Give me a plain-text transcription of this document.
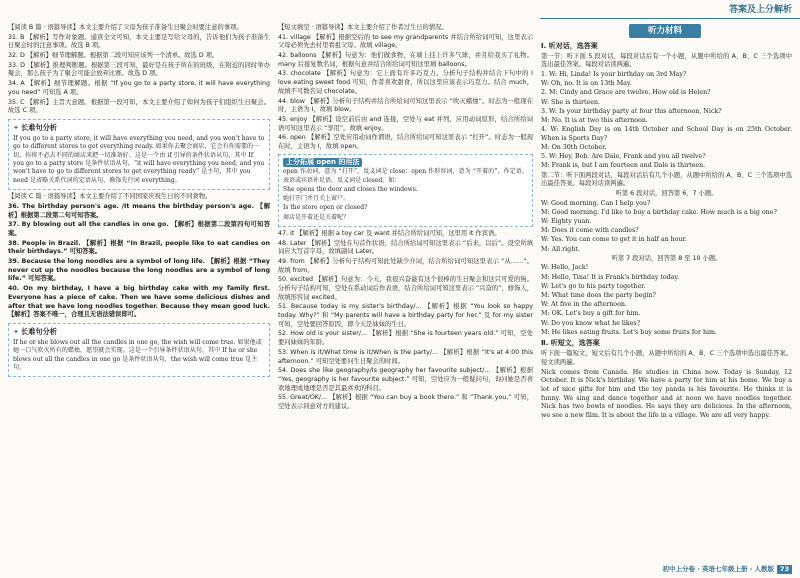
答案及上分解析

【阅读 B 篇 · 语篇导读】本文主要介绍了父母为孩子准备生日聚会时要注意的事项。

31. B 【解析】写作对象题。通读全文可知，本文主要是写给父母的，告诉他们为孩子准备生日聚会时的注意事项。故选 B 项。

32. D 【解析】细节理解题。根据第二段可知应该列一个清单。故选 D 项。

33. D 【解析】推理判断题。根据第三段可知，最好是在孩子所在的班级，在附近的同时举办聚会，那么孩子为了聚会可能会放弃比赛。故选 D 项。

34. A 【解析】细节理解题。根据 “If you go to a party store, it will have everything you need” 可知选 A 项。

35. C 【解析】主旨大意题。根据第一段可知，本文主要介绍了如何为孩子们组织生日聚会。故选 C 项。

✦ 长难句分析

If you go to a party store, it will have everything you need, and you won't have to go to different stores to get everything ready. 如果你去聚会商店，它会有你需要的一切，你将不必去不同的商店来把一切准备好。这是一个由 if 引导的条件状语从句，其中 If you go to a party store 是条件状语从句，“it will have everything you need, and you won't have to go to different stores to get everything ready” 是主句，其中 you need 是省略关系代词的定语从句，修饰先行词 everything。

【阅读 C 篇 · 语篇导读】本文主要介绍了不同国家庆祝生日的不同食物。

36. The birthday person's age. /It means the birthday person's age. 【解析】根据第二段第二句可知答案。

37. By blowing out all the candles in one go. 【解析】根据第二段第四句可知答案。

38. People in Brazil. 【解析】根据 “In Brazil, people like to eat candies on their birthdays.” 可知答案。

39. Because the long noodles are a symbol of long life. 【解析】根据 “They never cut up the noodles because the long noodles are a symbol of long life.” 可知答案。

40. On my birthday, I have a big birthday cake with my family first. Everyone has a piece of cake. Then we have some delicious dishes and after that we have long noodles together. Because they mean good luck. 【解析】答案不唯一，合理且无语法错误即可。

✦ 长难句分析

If he or she blows out all the candles in one go, the wish will come true. 如果他或她一口气吹灭所有的蜡烛，愿望就会实现。这是一个引导条件状语从句，其中 If he or she blows out all the candles in one go 是条件状语从句，the wish will come true 是主句。

【短文填空 · 语篇导读】本文主要介绍了作者过生日的情况。

41. village 【解析】根据空后的 to see my grandparents 并结合所给词可知，这里表示父母必须先去村里看祖父母。故填 village。

42. balloons 【解析】句意为：他们做食物，在墙上挂上许多气球，并且给我买了礼物。many 后接复数名词，根据句意并结合所给词可知这里填 balloons。

43. chocolate 【解析】句意为：它上面有许多巧克力。分析句子结构并结合下句中的 I love eating sweet food 可知，作者喜欢甜食，所以这里应该表示巧克力。结合 much，故填不可数名词 chocolate。

44. blow 【解析】分析句子结构并结合所给词可知这里表示 “吹灭蜡烛”。时态为一般现在时，主语为 I，故填 blow。

45. enjoy 【解析】设空前后由 and 连接，空处与 eat 并列，应用动词原形，结合所给词语可知这里表示 “享用”。故填 enjoy。

46. open 【解析】空处应用动词作谓语，结合所给词可知这里表示 “打开”。时态为一般现在时，主语为 I，故填 open。

上分拓展 open 的用法

open 作动词，意为 “打开”，反义词是 close；open 作形容词，意为 “开着的”，作定语，表语或宾语补足语，反义词是 closed。如：

She opens the door and closes the windows.

她打开门并且关上窗户。

Is the store open or closed?

商店是开着还是关着呢？

47. it 【解析】根据 a toy car 及 want 并结合所给词可知，这里用 it 作宾语。

48. Later 【解析】空处在句首作状语，结合所给词可知这里表示 “后来，以后”。设空所填词应大写首字母，故填副词 Later。

49. from 【解析】分析句子结构可知此处缺少介词，结合所给词可知这里表示 “从……”。故填 from。

50. excited 【解析】句意为：今天，我很兴奋能有这个很棒的生日聚会和这只可爱的狗。分析句子结构可知，空处在系动词后作表语，结合所给词可知这里表示 “兴奋的”，修饰人，故填形容词 excited。

51. Because today is my sister's birthday/... 【解析】根据 “You look so happy today. Why?” 和 “My parents will have a birthday party for her.” 及 for my sister 可知，空处要回答原因，即今天是妹妹的生日。

52. How old is your sister/... 【解析】根据 “She is fourteen years old.” 可知，空处要问妹妹的年龄。

53. When is it/What time is it/When is the party/... 【解析】根据 “It's at 4:00 this afternoon.” 可知空处要问生日聚会的时间。

54. Does she like geography/Is geography her favourite subject/... 【解析】根据 “Yes, geography is her favourite subject.” 可知，空处应为一般疑问句，询问她是否喜欢地理或地理是否是其最喜欢的科目。

55. Great/OK/... 【解析】根据 “You can buy a book there.” 和 “Thank you.” 可知，空处表示同意对方的建议。

听力材料
Ⅰ. 听对话，选答案

第一节：听下面 5 段对话，每段对话后有一个小题，从题中所给的 A、B、C 三个选项中选出最佳答案。每段对话读两遍。

1. W: Hi, Linda! Is your birthday on 3rd May?

W: Oh, no. It is on 13th May.

2. M: Cindy and Grace are twelve. How old is Helen?

W: She is thirteen.

3. W: Is your birthday party at four this afternoon, Nick?

M: No. It is at two this afternoon.

4. W: English Day is on 14th October and School Day is on 25th October. When is Sports Day?

M: On 30th October.

5. W: Hey, Bob. Are Dale, Frank and you all twelve?

M: Frank is, but I am fourteen and Dale is thirteen.

第二节：听下面两段对话，每段对话后有几个小题，从题中所给的 A、B、C 三个选项中选出最佳答案。每段对话读两遍。

听第 6 段对话，回答第 6、7 小题。

W: Good morning. Can I help you?

M: Good morning. I'd like to buy a birthday cake. How much is a big one?

W: Eighty yuan.

M: Does it come with candles?

W: Yes. You can come to get it in half an hour.

M: All right.

听第 7 段对话，回答第 8 至 10 小题。

W: Hello, Jack!

M: Hello, Tina! It is Frank's birthday today.

W: Let's go to his party together.

M: What time does the party begin?

W: At five in the afternoon.

M: OK. Let's buy a gift for him.

W: Do you know what he likes?

M: He likes eating fruits. Let's buy some fruits for him.

Ⅱ. 听短文，选答案

听下面一篇短文，短文后有几个小题，从题中所给的 A、B、C 三个选项中选出最佳答案。短文读两遍。

Nick comes from Canada. He studies in China now. Today is Sunday, 12 October. It is Nick's birthday. We have a party for him at his home. We buy a lot of nice gifts for him and the toy panda is his favourite. He thinks it is funny. We sing and dance together and at noon we have noodles together. Nick has two bowls of noodles. He says they are delicious. In the afternoon, we see a new film. It is about the life in a village. We are all very happy.

初中上分卷 · 英语七年级上册 · 人教版 73
